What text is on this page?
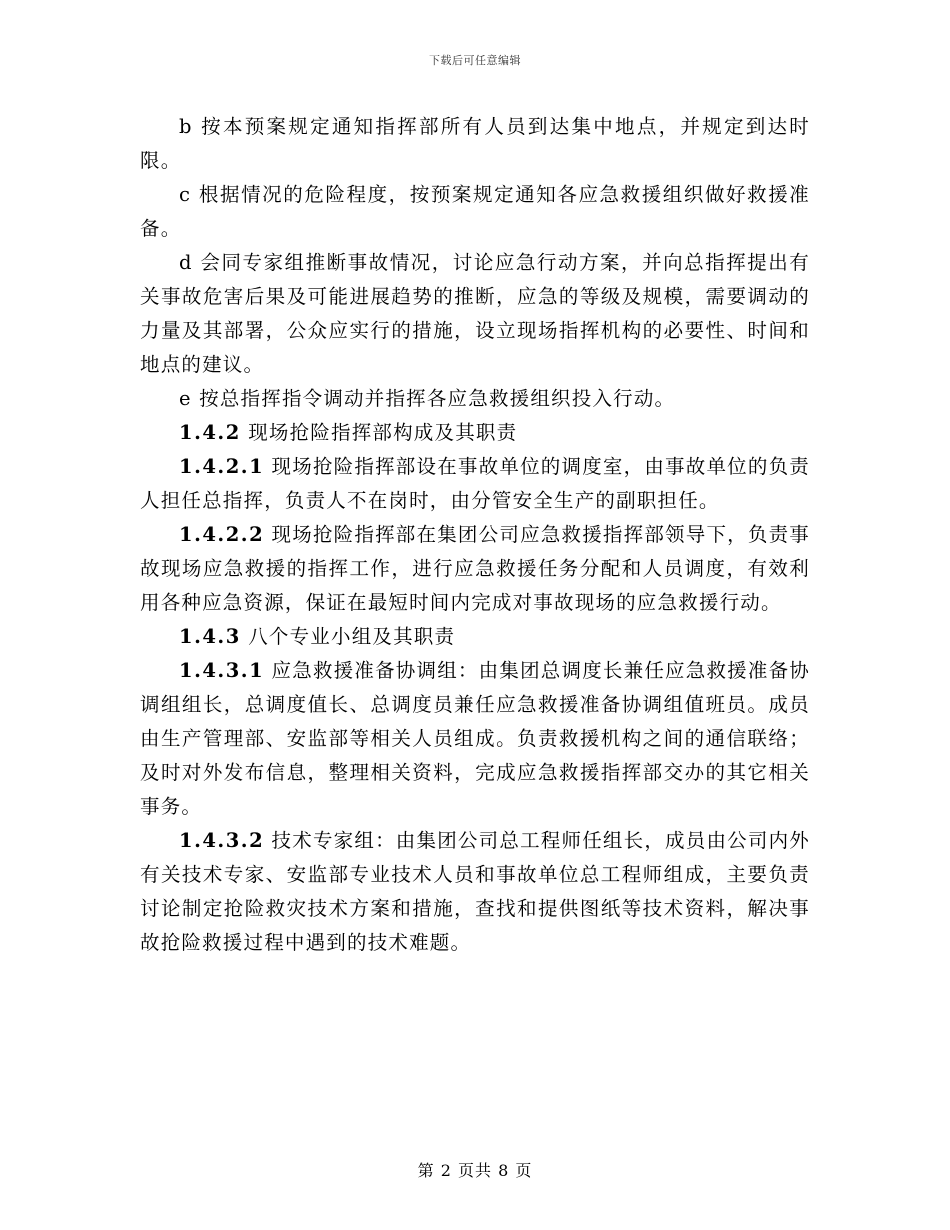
下载后可任意编辑

b 按本预案规定通知指挥部所有人员到达集中地点，并规定到达时限。

c 根据情况的危险程度，按预案规定通知各应急救援组织做好救援准备。

d 会同专家组推断事故情况，讨论应急行动方案，并向总指挥提出有关事故危害后果及可能进展趋势的推断，应急的等级及规模，需要调动的力量及其部署，公众应实行的措施，设立现场指挥机构的必要性、时间和地点的建议。

e 按总指挥指令调动并指挥各应急救援组织投入行动。

1.4.2 现场抢险指挥部构成及其职责

1.4.2.1 现场抢险指挥部设在事故单位的调度室，由事故单位的负责人担任总指挥，负责人不在岗时，由分管安全生产的副职担任。

1.4.2.2 现场抢险指挥部在集团公司应急救援指挥部领导下，负责事故现场应急救援的指挥工作，进行应急救援任务分配和人员调度，有效利用各种应急资源，保证在最短时间内完成对事故现场的应急救援行动。

1.4.3 八个专业小组及其职责

1.4.3.1 应急救援准备协调组：由集团总调度长兼任应急救援准备协调组组长，总调度值长、总调度员兼任应急救援准备协调组值班员。成员由生产管理部、安监部等相关人员组成。负责救援机构之间的通信联络；及时对外发布信息，整理相关资料，完成应急救援指挥部交办的其它相关事务。

1.4.3.2 技术专家组：由集团公司总工程师任组长，成员由公司内外有关技术专家、安监部专业技术人员和事故单位总工程师组成，主要负责讨论制定抢险救灾技术方案和措施，查找和提供图纸等技术资料，解决事故抢险救援过程中遇到的技术难题。

第 2 页共 8 页
